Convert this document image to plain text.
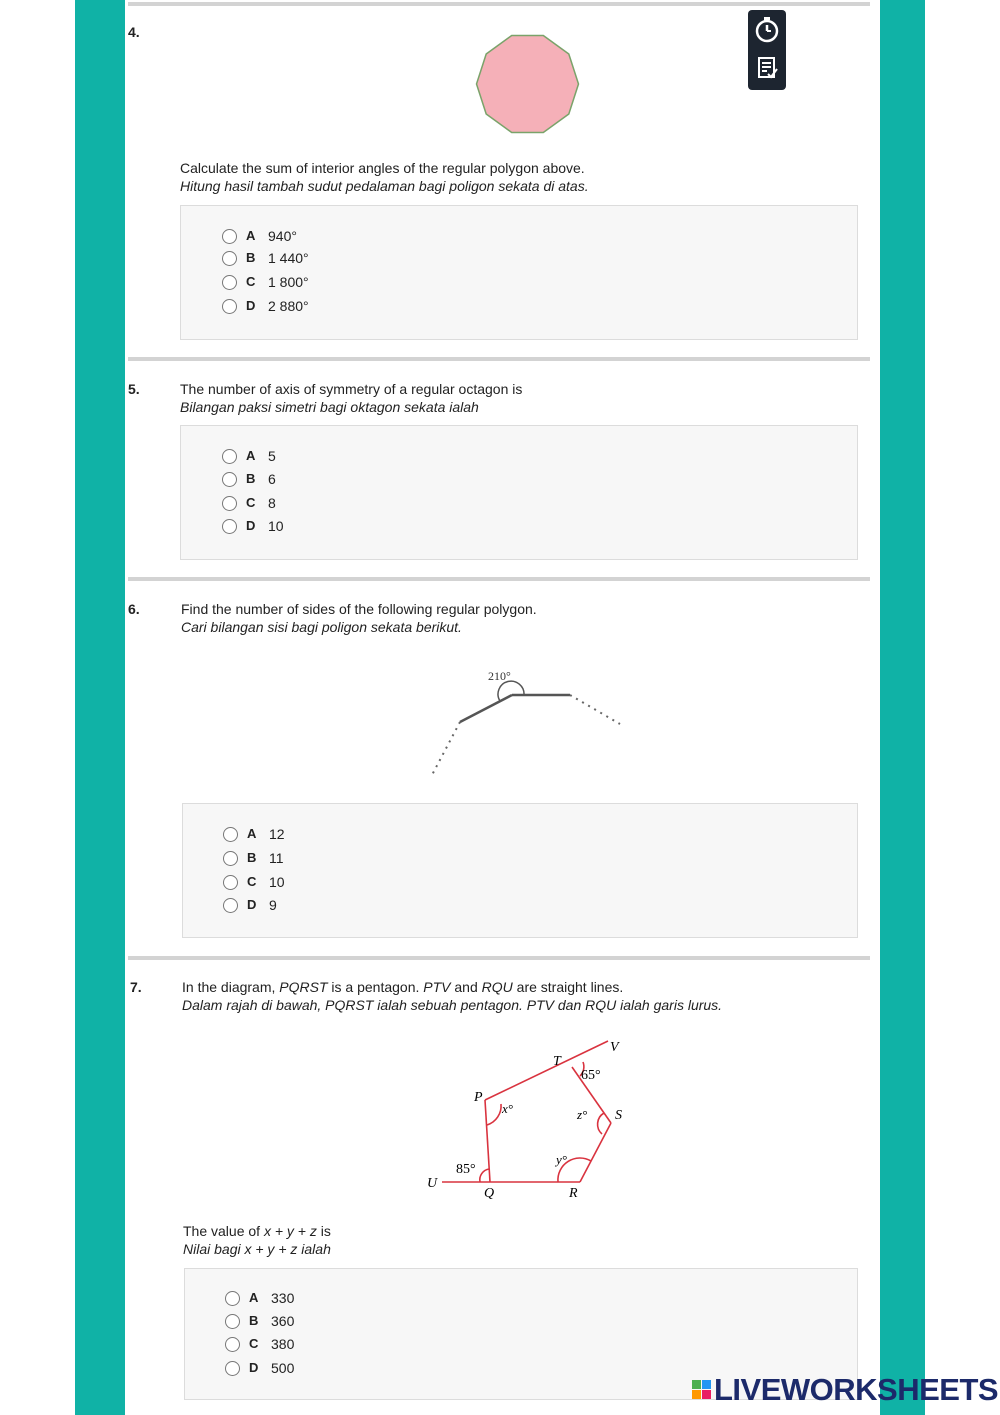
4.
Calculate the sum of interior angles of the regular polygon above.
Hitung hasil tambah sudut pedalaman bagi poligon sekata di atas.
A 940°
B 1 440°
C 1 800°
D 2 880°
5.	The number of axis of symmetry of a regular octagon is
Bilangan paksi simetri bagi oktagon sekata ialah
A 5
B 6
C 8
D 10
6.	Find the number of sides of the following regular polygon.
Cari bilangan sisi bagi poligon sekata berikut.
210°
A 12
B 11
C 10
D 9
7.	In the diagram, PQRST is a pentagon. PTV and RQU are straight lines.
Dalam rajah di bawah, PQRST ialah sebuah pentagon. PTV dan RQU ialah garis lurus.
P
Q	R
S
T
U
V
65°
x°
85°
y°
z°
The value of x + y + z is
Nilai bagi x + y + z ialah
A 330
B 360
C 380
D 500
LIVEWORKSHEETS
